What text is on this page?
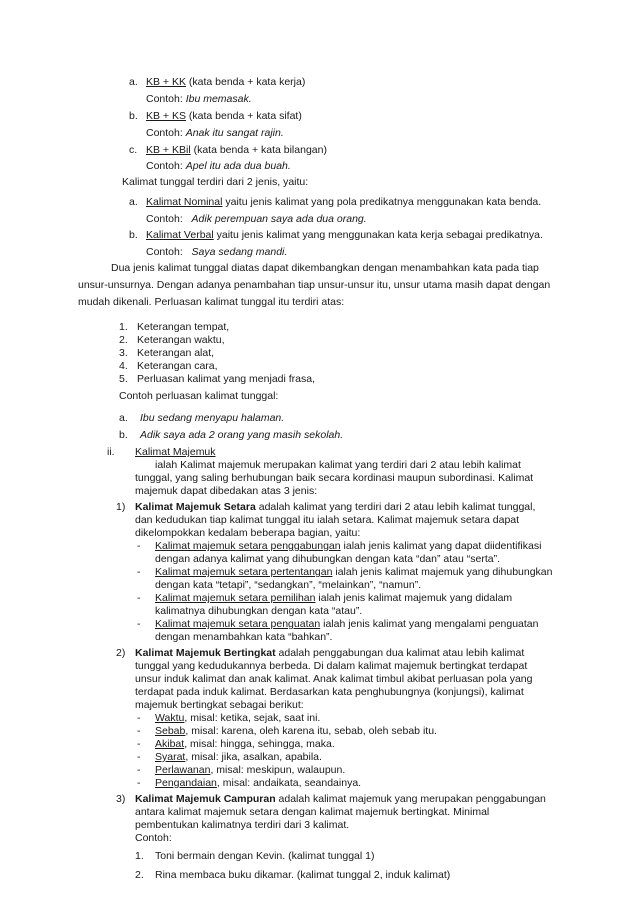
a. KB + KK (kata benda + kata kerja)
Contoh: Ibu memasak.
b. KB + KS (kata benda + kata sifat)
Contoh: Anak itu sangat rajin.
c. KB + KBil (kata benda + kata bilangan)
Contoh: Apel itu ada dua buah.
Kalimat tunggal terdiri dari 2 jenis, yaitu:
a. Kalimat Nominal yaitu jenis kalimat yang pola predikatnya menggunakan kata benda.
Contoh: Adik perempuan saya ada dua orang.
b. Kalimat Verbal yaitu jenis kalimat yang menggunakan kata kerja sebagai predikatnya.
Contoh: Saya sedang mandi.
Dua jenis kalimat tunggal diatas dapat dikembangkan dengan menambahkan kata pada tiap
unsur-unsurnya. Dengan adanya penambahan tiap unsur-unsur itu, unsur utama masih dapat dengan
mudah dikenali. Perluasan kalimat tunggal itu terdiri atas:
1. Keterangan tempat,
2. Keterangan waktu,
3. Keterangan alat,
4. Keterangan cara,
5. Perluasan kalimat yang menjadi frasa,
Contoh perluasan kalimat tunggal:
a. Ibu sedang menyapu halaman.
b. Adik saya ada 2 orang yang masih sekolah.
ii. Kalimat Majemuk
ialah Kalimat majemuk merupakan kalimat yang terdiri dari 2 atau lebih kalimat
tunggal, yang saling berhubungan baik secara kordinasi maupun subordinasi. Kalimat
majemuk dapat dibedakan atas 3 jenis:
1) Kalimat Majemuk Setara adalah kalimat yang terdiri dari 2 atau lebih kalimat tunggal,
dan kedudukan tiap kalimat tunggal itu ialah setara. Kalimat majemuk setara dapat
dikelompokkan kedalam beberapa bagian, yaitu:
- Kalimat majemuk setara penggabungan ialah jenis kalimat yang dapat diidentifikasi
dengan adanya kalimat yang dihubungkan dengan kata “dan” atau “serta”.
- Kalimat majemuk setara pertentangan ialah jenis kalimat majemuk yang dihubungkan
dengan kata “tetapi”, “sedangkan”, “melainkan”, “namun”.
- Kalimat majemuk setara pemilihan ialah jenis kalimat majemuk yang didalam
kalimatnya dihubungkan dengan kata “atau”.
- Kalimat majemuk setara penguatan ialah jenis kalimat yang mengalami penguatan
dengan menambahkan kata “bahkan”.
2) Kalimat Majemuk Bertingkat adalah penggabungan dua kalimat atau lebih kalimat
tunggal yang kedudukannya berbeda. Di dalam kalimat majemuk bertingkat terdapat
unsur induk kalimat dan anak kalimat. Anak kalimat timbul akibat perluasan pola yang
terdapat pada induk kalimat. Berdasarkan kata penghubungnya (konjungsi), kalimat
majemuk bertingkat sebagai berikut:
- Waktu, misal: ketika, sejak, saat ini.
- Sebab, misal: karena, oleh karena itu, sebab, oleh sebab itu.
- Akibat, misal: hingga, sehingga, maka.
- Syarat, misal: jika, asalkan, apabila.
- Perlawanan, misal: meskipun, walaupun.
- Pengandaian, misal: andaikata, seandainya.
3) Kalimat Majemuk Campuran adalah kalimat majemuk yang merupakan penggabungan
antara kalimat majemuk setara dengan kalimat majemuk bertingkat. Minimal
pembentukan kalimatnya terdiri dari 3 kalimat.
Contoh:
1. Toni bermain dengan Kevin. (kalimat tunggal 1)
2. Rina membaca buku dikamar. (kalimat tunggal 2, induk kalimat)
